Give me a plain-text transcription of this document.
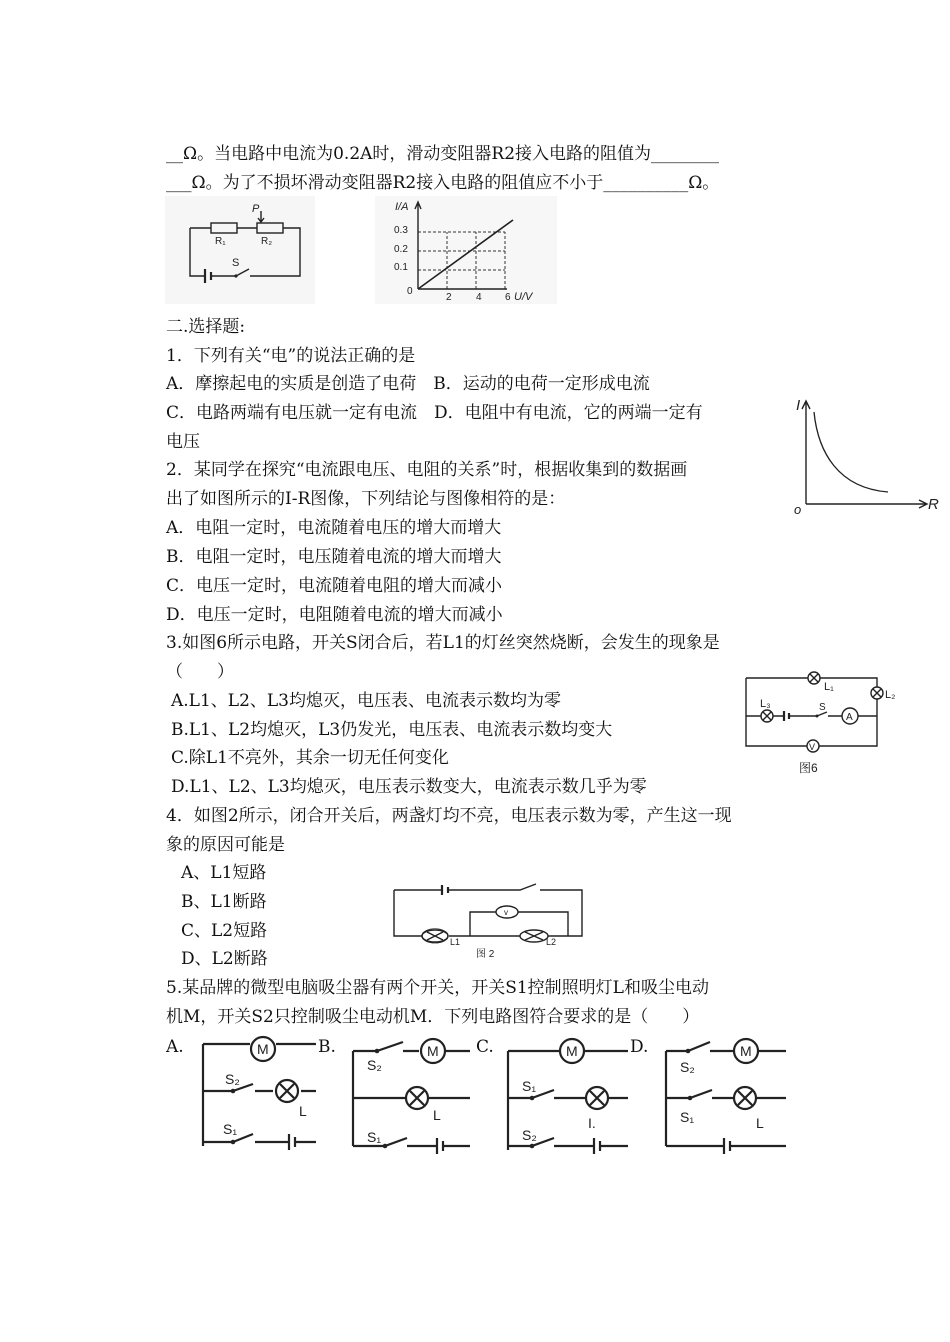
__Ω。当电路中电流为0.2A时，滑动变阻器R2接入电路的阻值为________
___Ω。为了不损坏滑动变阻器R2接入电路的阻值应不小于__________Ω。
P
R₁	R₂
S
I/A
U/V
0.3
0.2
0.1
0
2 4 6
二.选择题:
1．下列有关“电”的说法正确的是
A．摩擦起电的实质是创造了电荷　B．运动的电荷一定形成电流
C．电路两端有电压就一定有电流　D．电阻中有电流，它的两端一定有
电压
I
R
o
2．某同学在探究“电流跟电压、电阻的关系”时，根据收集到的数据画
出了如图所示的I-R图像，下列结论与图像相符的是：
A．电阻一定时，电流随着电压的增大而增大
B．电阻一定时，电压随着电流的增大而增大
C．电压一定时，电流随着电阻的增大而减小
D．电压一定时，电阻随着电流的增大而减小
3.如图6所示电路，开关S闭合后，若L1的灯丝突然烧断，会发生的现象是
（　　）
A.L1、L2、L3均熄灭，电压表、电流表示数均为零
B.L1、L2均熄灭，L3仍发光，电压表、电流表示数均变大
C.除L1不亮外，其余一切无任何变化
D.L1、L2、L3均熄灭，电压表示数变大，电流表示数几乎为零
L₁
L₂
L₃	S
A
V
图6
4．如图2所示，闭合开关后，两盏灯均不亮，电压表示数为零，产生这一现
象的原因可能是
A、L1短路
B、L1断路
C、L2短路
D、L2断路
v
L1	L2
图 2
5.某品牌的微型电脑吸尘器有两个开关，开关S1控制照明灯L和吸尘电动
机M，开关S2只控制吸尘电动机M．下列电路图符合要求的是（　　）
A.	M
S₂
L
S₁
B.	M
S₂
L
S₁
C.	M
S₁
I.
S₂
D.	M
S₂
S₁	L
